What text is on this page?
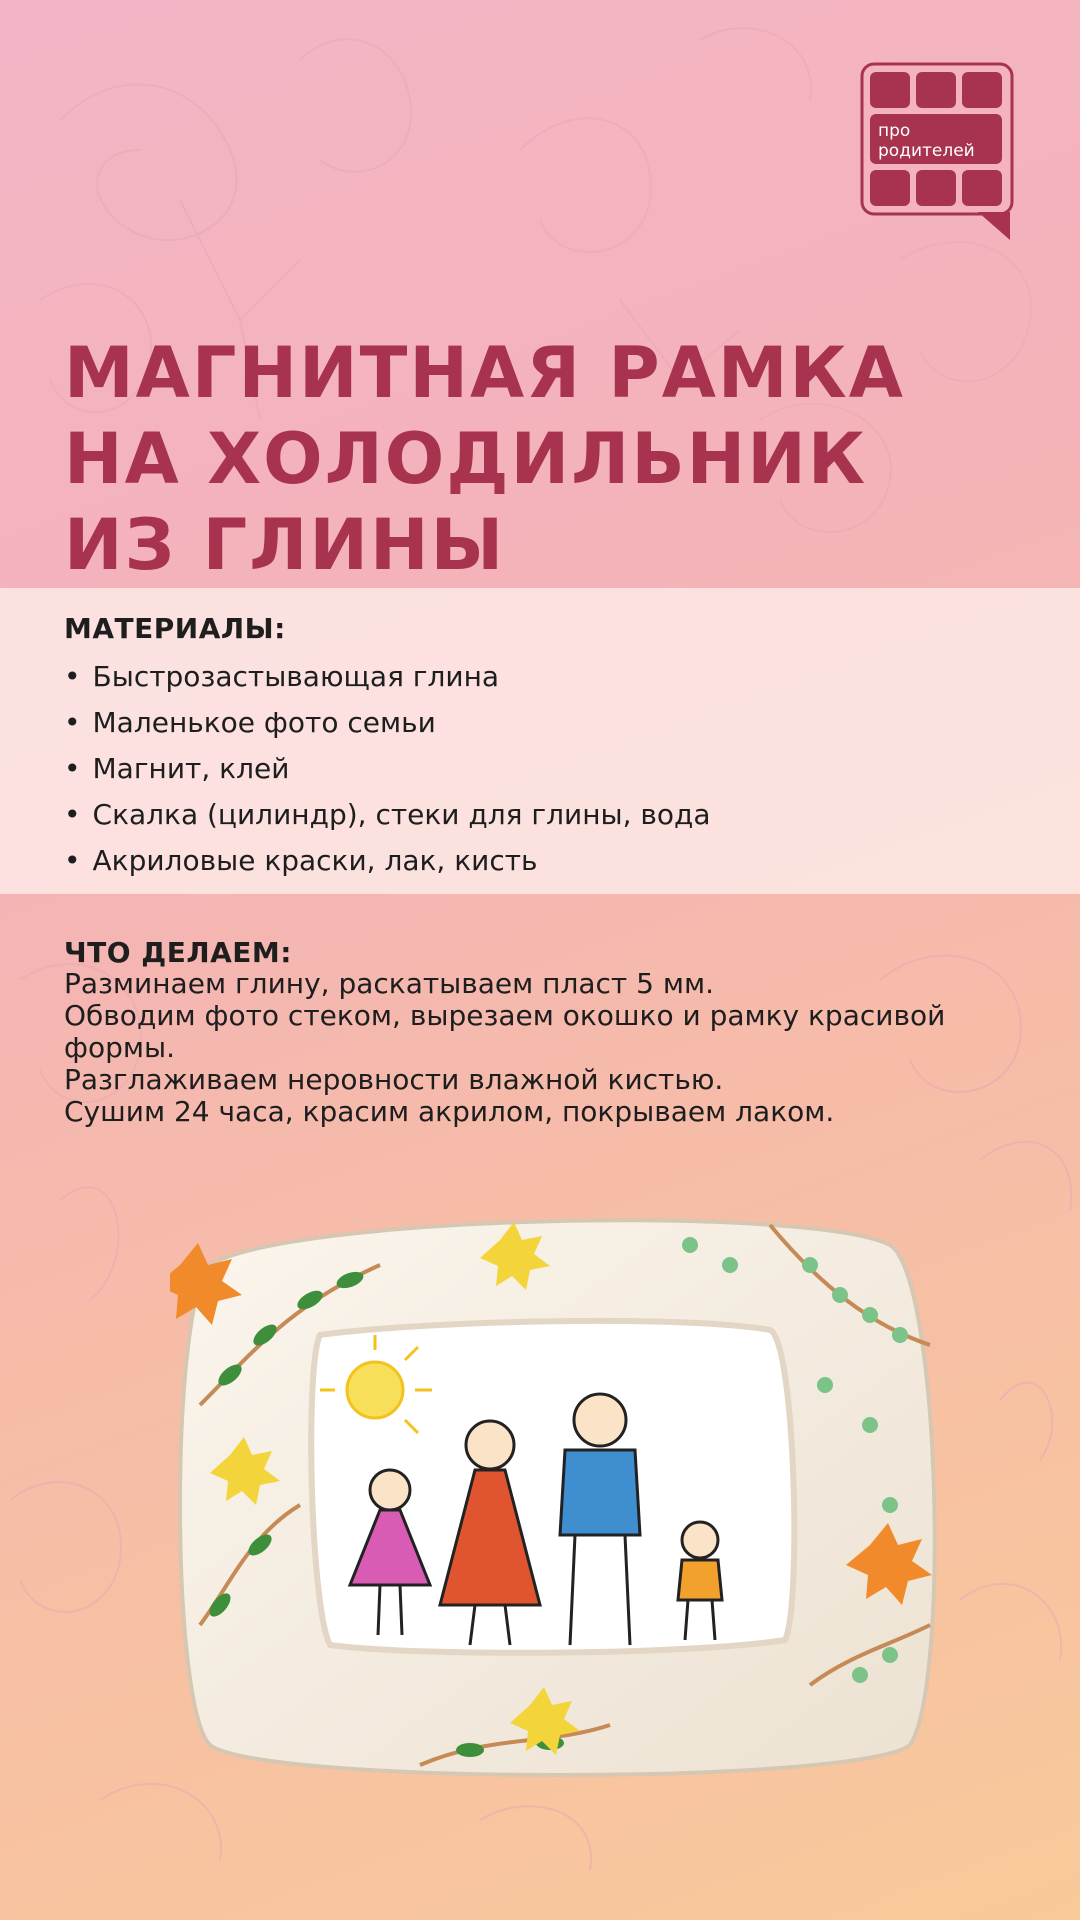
про
родителей
МАГНИТНАЯ РАМКА
НА ХОЛОДИЛЬНИК
ИЗ ГЛИНЫ
МАТЕРИАЛЫ:
• Быстрозастывающая глина
• Маленькое фото семьи
• Магнит, клей
• Скалка (цилиндр), стеки для глины, вода
• Акриловые краски, лак, кисть
ЧТО ДЕЛАЕМ:

Разминаем глину, раскатываем пласт 5 мм.

Обводим фото стеком, вырезаем окошко и рамку красивой формы.

Разглаживаем неровности влажной кистью.

Сушим 24 часа, красим акрилом, покрываем лаком.
